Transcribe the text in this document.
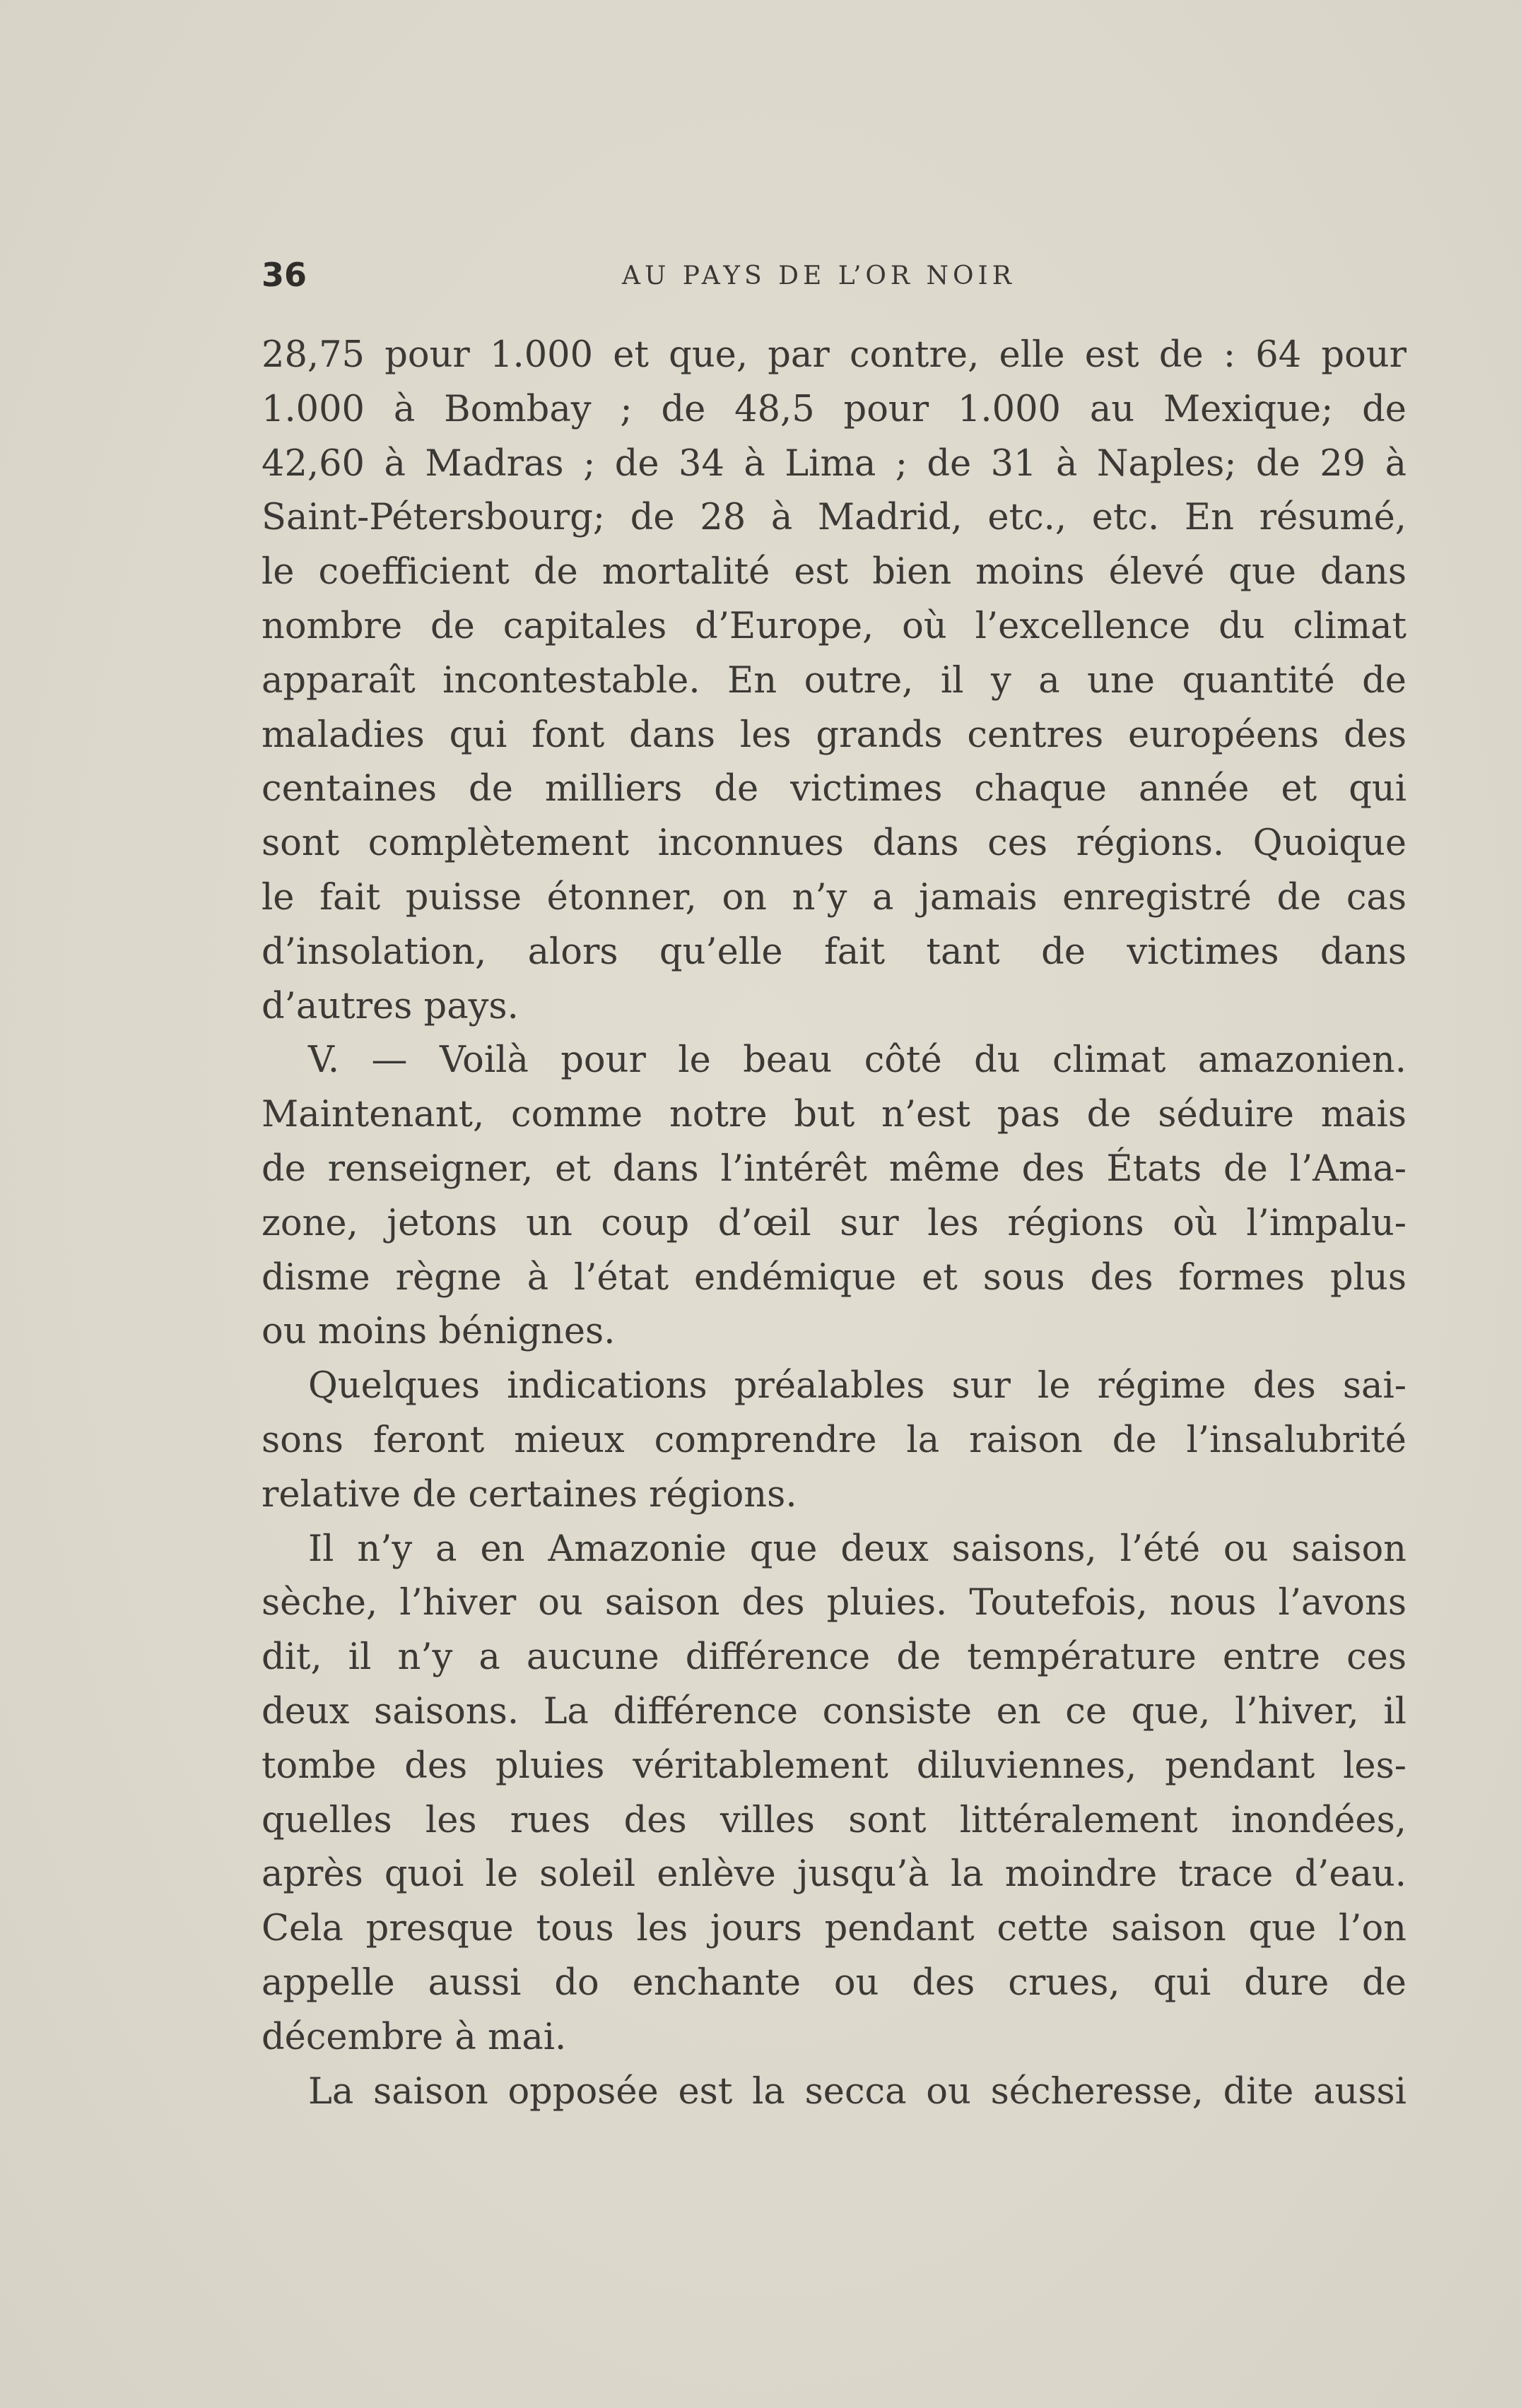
36	AU PAYS DE L’OR NOIR
28,75 pour 1.000 et que, par contre, elle est de : 64 pour
1.000 à Bombay ; de 48,5 pour 1.000 au Mexique; de
42,60 à Madras ; de 34 à Lima ; de 31 à Naples; de 29 à
Saint-Pétersbourg; de 28 à Madrid, etc., etc. En résumé,
le coefficient de mortalité est bien moins élevé que dans
nombre de capitales d’Europe, où l’excellence du climat
apparaît incontestable. En outre, il y a une quantité de
maladies qui font dans les grands centres européens des
centaines de milliers de victimes chaque année et qui
sont complètement inconnues dans ces régions. Quoique
le fait puisse étonner, on n’y a jamais enregistré de cas
d’insolation, alors qu’elle fait tant de victimes dans
d’autres pays.
V. — Voilà pour le beau côté du climat amazonien.
Maintenant, comme notre but n’est pas de séduire mais
de renseigner, et dans l’intérêt même des États de l’Ama-
zone, jetons un coup d’œil sur les régions où l’impalu-
disme règne à l’état endémique et sous des formes plus
ou moins bénignes.
Quelques indications préalables sur le régime des sai-
sons feront mieux comprendre la raison de l’insalubrité
relative de certaines régions.
Il n’y a en Amazonie que deux saisons, l’été ou saison
sèche, l’hiver ou saison des pluies. Toutefois, nous l’avons
dit, il n’y a aucune différence de température entre ces
deux saisons. La différence consiste en ce que, l’hiver, il
tombe des pluies véritablement diluviennes, pendant les-
quelles les rues des villes sont littéralement inondées,
après quoi le soleil enlève jusqu’à la moindre trace d’eau.
Cela presque tous les jours pendant cette saison que l’on
appelle aussi do enchante ou des crues, qui dure de
décembre à mai.
La saison opposée est la secca ou sécheresse, dite aussi
